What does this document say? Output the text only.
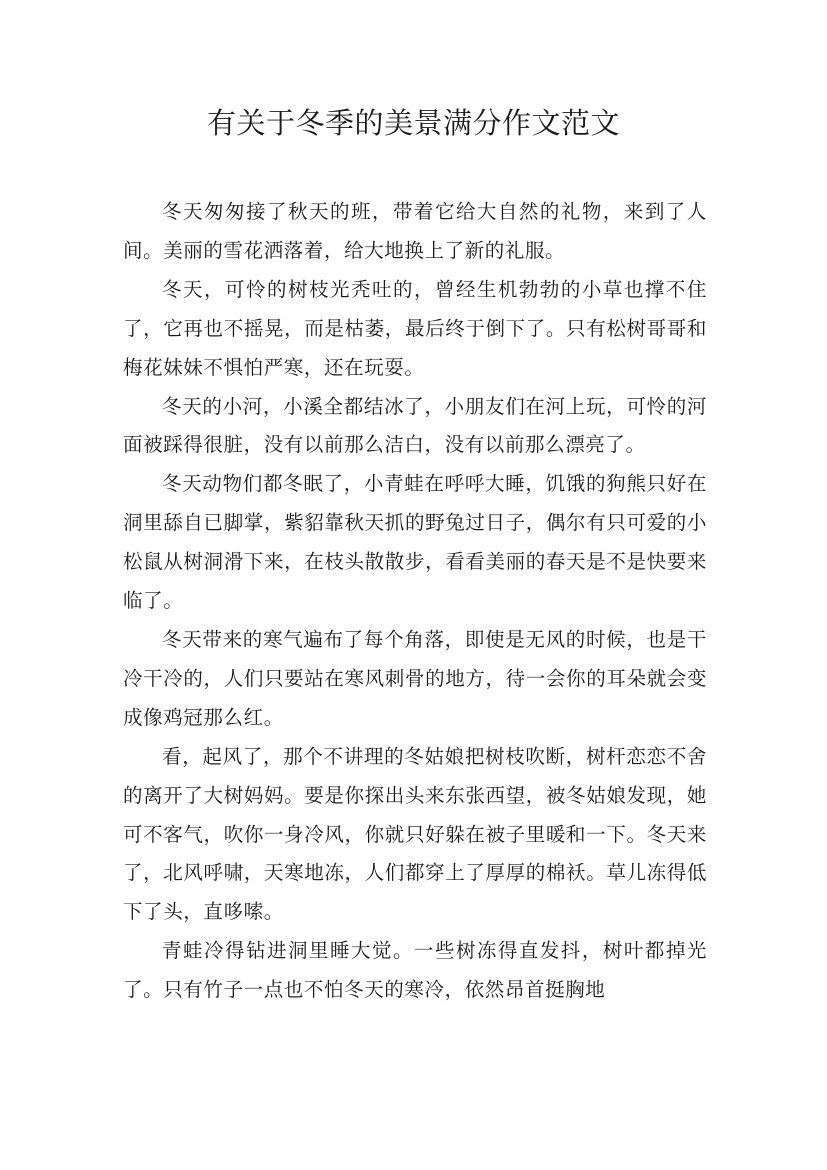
有关于冬季的美景满分作文范文

冬天匆匆接了秋天的班，带着它给大自然的礼物，来到了人间。美丽的雪花洒落着，给大地换上了新的礼服。

冬天，可怜的树枝光秃吐的，曾经生机勃勃的小草也撑不住了，它再也不摇晃，而是枯萎，最后终于倒下了。只有松树哥哥和梅花妹妹不惧怕严寒，还在玩耍。

冬天的小河，小溪全都结冰了，小朋友们在河上玩，可怜的河面被踩得很脏，没有以前那么洁白，没有以前那么漂亮了。

冬天动物们都冬眠了，小青蛙在呼呼大睡，饥饿的狗熊只好在洞里舔自已脚掌，紫貂靠秋天抓的野兔过日子，偶尔有只可爱的小松鼠从树洞滑下来，在枝头散散步，看看美丽的春天是不是快要来临了。

冬天带来的寒气遍布了每个角落，即使是无风的时候，也是干冷干冷的，人们只要站在寒风刺骨的地方，待一会你的耳朵就会变成像鸡冠那么红。

看，起风了，那个不讲理的冬姑娘把树枝吹断，树杆恋恋不舍的离开了大树妈妈。要是你探出头来东张西望，被冬姑娘发现，她可不客气，吹你一身冷风，你就只好躲在被子里暖和一下。冬天来了，北风呼啸，天寒地冻，人们都穿上了厚厚的棉袄。草儿冻得低下了头，直哆嗦。

青蛙冷得钻进洞里睡大觉。一些树冻得直发抖，树叶都掉光了。只有竹子一点也不怕冬天的寒冷，依然昂首挺胸地
